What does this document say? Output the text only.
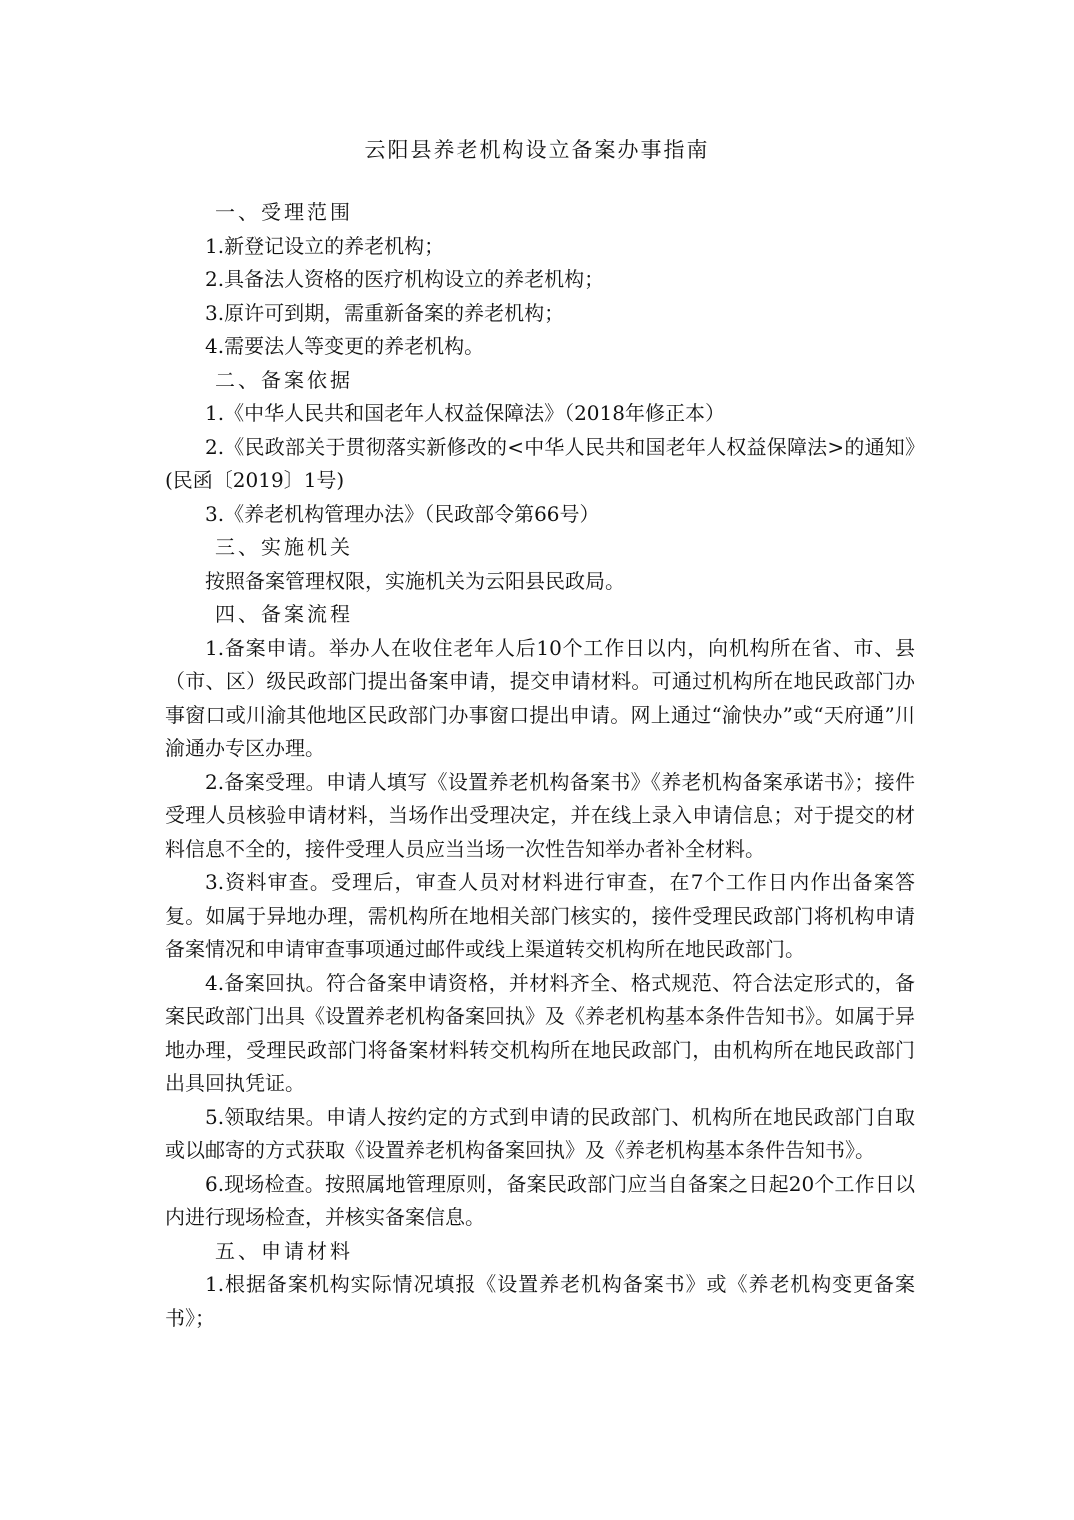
云阳县养老机构设立备案办事指南

一、受理范围

1.新登记设立的养老机构；

2.具备法人资格的医疗机构设立的养老机构；

3.原许可到期，需重新备案的养老机构；

4.需要法人等变更的养老机构。

二、备案依据

1.《中华人民共和国老年人权益保障法》（2018年修正本）

2.《民政部关于贯彻落实新修改的<中华人民共和国老年人权益保障法>的通知》(民函〔2019〕1号)

3.《养老机构管理办法》（民政部令第66号）

三、实施机关

按照备案管理权限，实施机关为云阳县民政局。

四、备案流程

1.备案申请。举办人在收住老年人后10个工作日以内，向机构所在省、市、县（市、区）级民政部门提出备案申请，提交申请材料。可通过机构所在地民政部门办事窗口或川渝其他地区民政部门办事窗口提出申请。网上通过“渝快办”或“天府通”川渝通办专区办理。

2.备案受理。申请人填写《设置养老机构备案书》《养老机构备案承诺书》；接件受理人员核验申请材料，当场作出受理决定，并在线上录入申请信息；对于提交的材料信息不全的，接件受理人员应当当场一次性告知举办者补全材料。

3.资料审查。受理后，审查人员对材料进行审查，在7个工作日内作出备案答复。如属于异地办理，需机构所在地相关部门核实的，接件受理民政部门将机构申请备案情况和申请审查事项通过邮件或线上渠道转交机构所在地民政部门。

4.备案回执。符合备案申请资格，并材料齐全、格式规范、符合法定形式的，备案民政部门出具《设置养老机构备案回执》及《养老机构基本条件告知书》。如属于异地办理，受理民政部门将备案材料转交机构所在地民政部门，由机构所在地民政部门出具回执凭证。

5.领取结果。申请人按约定的方式到申请的民政部门、机构所在地民政部门自取或以邮寄的方式获取《设置养老机构备案回执》及《养老机构基本条件告知书》。

6.现场检查。按照属地管理原则，备案民政部门应当自备案之日起20个工作日以内进行现场检查，并核实备案信息。

五、申请材料

1.根据备案机构实际情况填报《设置养老机构备案书》或《养老机构变更备案书》；
